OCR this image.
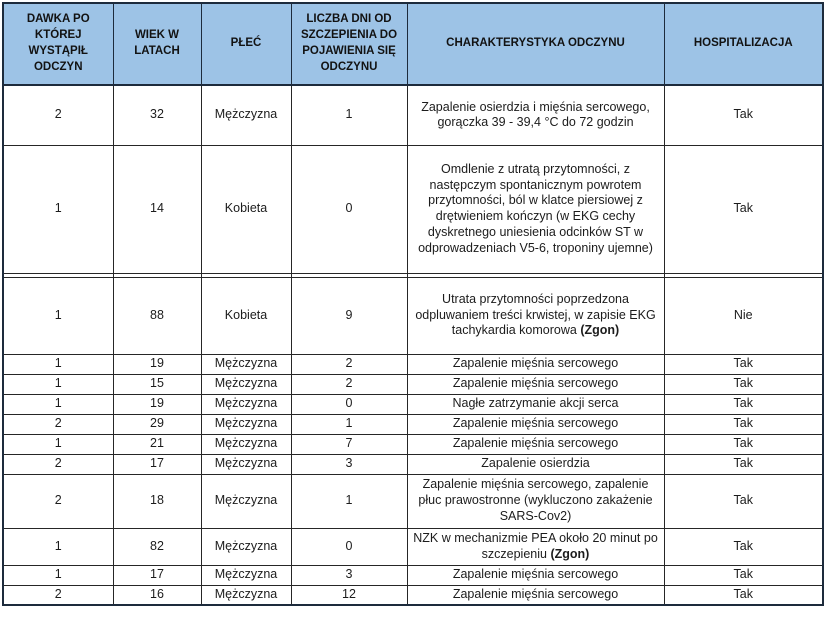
DAWKA PO KTÓREJ WYSTĄPIŁ ODCZYN	WIEK W LATACH	PŁEĆ	LICZBA DNI OD SZCZEPIENIA DO POJAWIENIA SIĘ ODCZYNU	CHARAKTERYSTYKA ODCZYNU	HOSPITALIZACJA
2	32	Mężczyzna	1	Zapalenie osierdzia i mięśnia sercowego, gorączka 39 - 39,4 °C do 72 godzin	Tak
1	14	Kobieta	0	Omdlenie z utratą przytomności, z następczym spontanicznym powrotem przytomności, ból w klatce piersiowej z drętwieniem kończyn (w EKG cechy dyskretnego uniesienia odcinków ST w odprowadzeniach V5-6, troponiny ujemne)	Tak

1	88	Kobieta	9	Utrata przytomności poprzedzona odpluwaniem treści krwistej, w zapisie EKG tachykardia komorowa (Zgon)	Nie
1	19	Mężczyzna	2	Zapalenie mięśnia sercowego	Tak
1	15	Mężczyzna	2	Zapalenie mięśnia sercowego	Tak
1	19	Mężczyzna	0	Nagłe zatrzymanie akcji serca	Tak
2	29	Mężczyzna	1	Zapalenie mięśnia sercowego	Tak
1	21	Mężczyzna	7	Zapalenie mięśnia sercowego	Tak
2	17	Mężczyzna	3	Zapalenie osierdzia	Tak
2	18	Mężczyzna	1	Zapalenie mięśnia sercowego, zapalenie płuc prawostronne (wykluczono zakażenie SARS-Cov2)	Tak
1	82	Mężczyzna	0	NZK w mechanizmie PEA około 20 minut po szczepieniu (Zgon)	Tak
1	17	Mężczyzna	3	Zapalenie mięśnia sercowego	Tak
2	16	Mężczyzna	12	Zapalenie mięśnia sercowego	Tak
